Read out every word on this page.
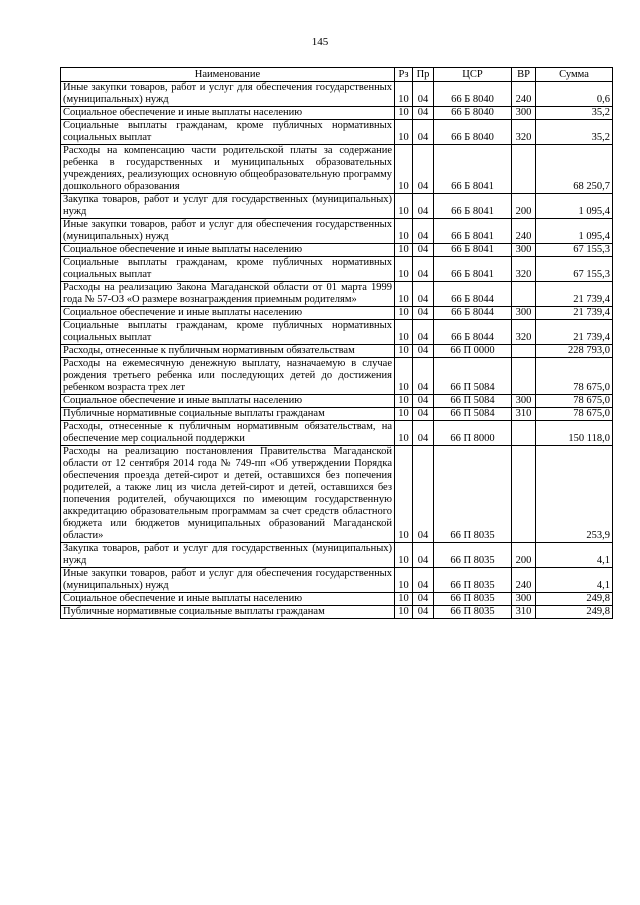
145
Наименование	Рз	Пр	ЦСР	ВР	Сумма
Иные закупки товаров, работ и услуг для обеспечения государственных (муниципальных) нужд	10	04	66 Б 8040	240	0,6
Социальное обеспечение и иные выплаты населению	10	04	66 Б 8040	300	35,2
Социальные выплаты гражданам, кроме публичных нормативных социальных выплат	10	04	66 Б 8040	320	35,2
Расходы на компенсацию части родительской платы за содержание ребенка в государственных и муниципальных образовательных учреждениях, реализующих основную общеобразовательную программу дошкольного образования	10	04	66 Б 8041		68 250,7
Закупка товаров, работ и услуг для государственных (муниципальных) нужд	10	04	66 Б 8041	200	1 095,4
Иные закупки товаров, работ и услуг для обеспечения государственных (муниципальных) нужд	10	04	66 Б 8041	240	1 095,4
Социальное обеспечение и иные выплаты населению	10	04	66 Б 8041	300	67 155,3
Социальные выплаты гражданам, кроме публичных нормативных социальных выплат	10	04	66 Б 8041	320	67 155,3
Расходы на реализацию Закона Магаданской области от 01 марта 1999 года № 57-ОЗ «О размере вознаграждения приемным родителям»	10	04	66 Б 8044		21 739,4
Социальное обеспечение и иные выплаты населению	10	04	66 Б 8044	300	21 739,4
Социальные выплаты гражданам, кроме публичных нормативных социальных выплат	10	04	66 Б 8044	320	21 739,4
Расходы, отнесенные к публичным нормативным обязательствам	10	04	66 П 0000		228 793,0
Расходы на ежемесячную денежную выплату, назначаемую в случае рождения третьего ребенка или последующих детей до достижения ребенком возраста трех лет	10	04	66 П 5084		78 675,0
Социальное обеспечение и иные выплаты населению	10	04	66 П 5084	300	78 675,0
Публичные нормативные социальные выплаты гражданам	10	04	66 П 5084	310	78 675,0
Расходы, отнесенные к публичным нормативным обязательствам, на обеспечение мер социальной поддержки	10	04	66 П 8000		150 118,0
Расходы на реализацию постановления Правительства Магаданской области от 12 сентября 2014 года № 749-пп «Об утверждении Порядка обеспечения проезда детей-сирот и детей, оставшихся без попечения родителей, а также лиц из числа детей-сирот и детей, оставшихся без попечения родителей, обучающихся по имеющим государственную аккредитацию образовательным программам за счет средств областного бюджета или бюджетов муниципальных образований Магаданской области»	10	04	66 П 8035		253,9
Закупка товаров, работ и услуг для государственных (муниципальных) нужд	10	04	66 П 8035	200	4,1
Иные закупки товаров, работ и услуг для обеспечения государственных (муниципальных) нужд	10	04	66 П 8035	240	4,1
Социальное обеспечение и иные выплаты населению	10	04	66 П 8035	300	249,8
Публичные нормативные социальные выплаты гражданам	10	04	66 П 8035	310	249,8
